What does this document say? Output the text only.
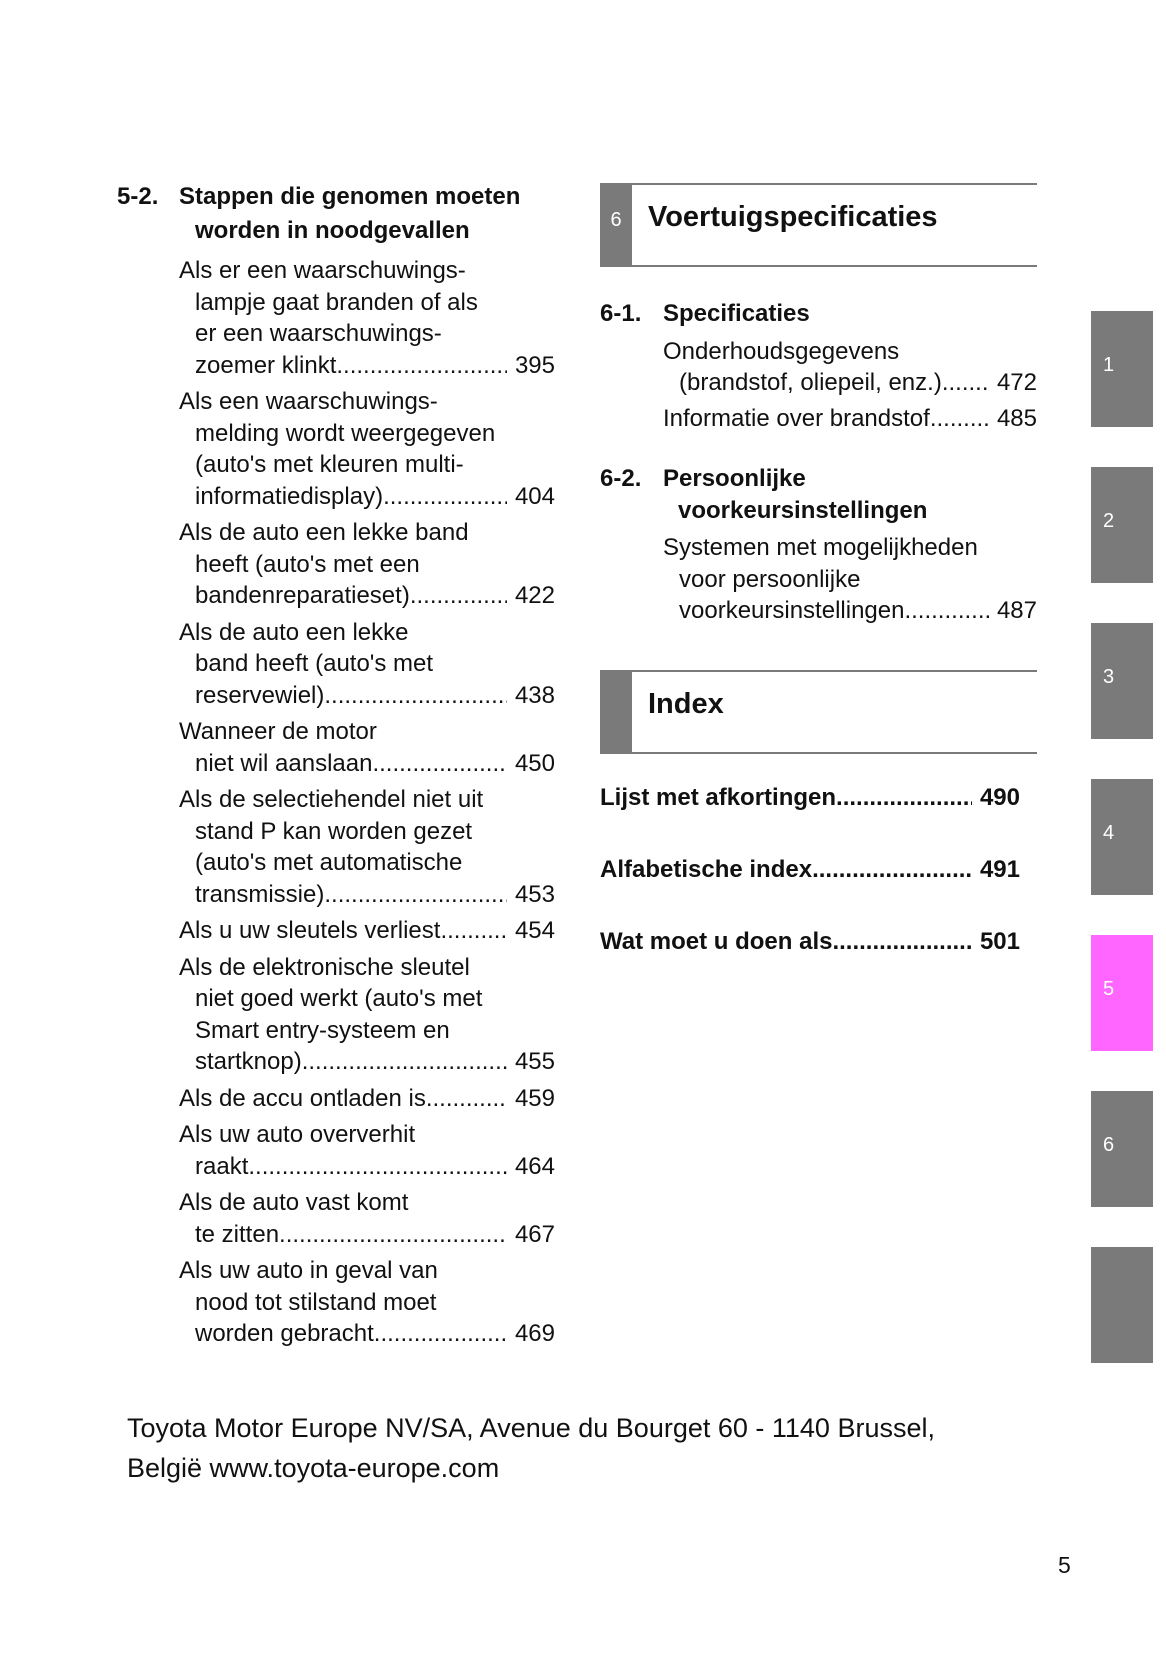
5-2. Stappen die genomen moeten
worden in noodgevallen
Als er een waarschuwings-
lampje gaat branden of als
er een waarschuwings-
zoemer klinkt... .....	395
Als een waarschuwings-
melding wordt weergegeven
(auto's met kleuren multi-
informatiedisplay) .....	404
Als de auto een lekke band
heeft (auto's met een
bandenreparatieset) .....	422
Als de auto een lekke
band heeft (auto's met
reservewiel) .....	438
Wanneer de motor
niet wil aanslaan .....	450
Als de selectiehendel niet uit
stand P kan worden gezet
(auto's met automatische
transmissie) .....	453
Als u uw sleutels verliest .....	454
Als de elektronische sleutel
niet goed werkt (auto's met
Smart entry-systeem en
startknop) .....	455
Als de accu ontladen is .....	459
Als uw auto oververhit
raakt .....	464
Als de auto vast komt
te zitten .....	467
Als uw auto in geval van
nood tot stilstand moet
worden gebracht .....	469
6 Voertuigspecificaties
6-1. Specificaties
Onderhoudsgegevens
(brandstof, oliepeil, enz.) .....	472
Informatie over brandstof .....	485
6-2. Persoonlijke
voorkeursinstellingen
Systemen met mogelijkheden
voor persoonlijke
voorkeursinstellingen .....	487
Index
Lijst met afkortingen .....	490
Alfabetische index .....	491
Wat moet u doen als... .....	501
1
2
3
4
5
6
Toyota Motor Europe NV/SA, Avenue du Bourget 60 - 1140 Brussel,
België www.toyota-europe.com
5
